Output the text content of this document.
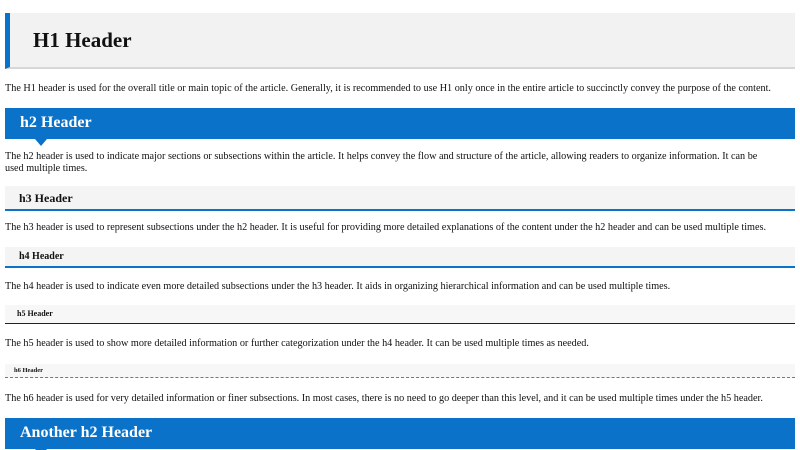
H1 Header
The H1 header is used for the overall title or main topic of the article. Generally, it is recommended to use H1 only once in the entire article to succinctly convey the purpose of the content.
h2 Header
The h2 header is used to indicate major sections or subsections within the article. It helps convey the flow and structure of the article, allowing readers to organize information. It can be used multiple times.
h3 Header
The h3 header is used to represent subsections under the h2 header. It is useful for providing more detailed explanations of the content under the h2 header and can be used multiple times.
h4 Header
The h4 header is used to indicate even more detailed subsections under the h3 header. It aids in organizing hierarchical information and can be used multiple times.
h5 Header
The h5 header is used to show more detailed information or further categorization under the h4 header. It can be used multiple times as needed.
h6 Header
The h6 header is used for very detailed information or finer subsections. In most cases, there is no need to go deeper than this level, and it can be used multiple times under the h5 header.
Another h2 Header
